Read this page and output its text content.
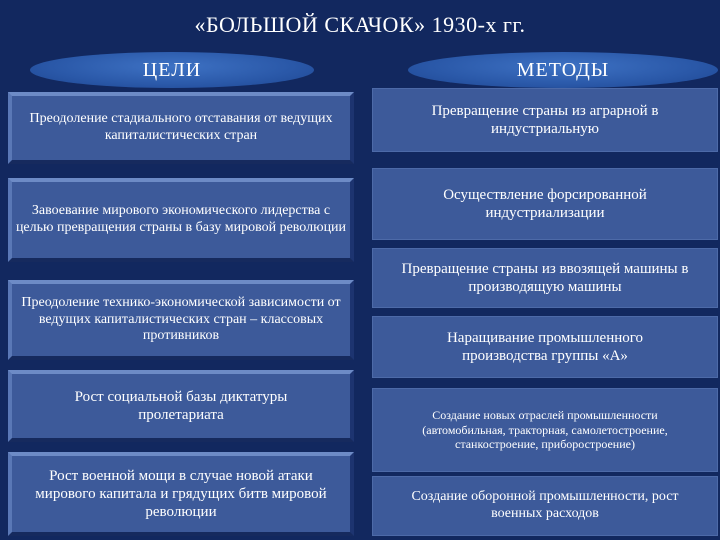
«БОЛЬШОЙ СКАЧОК» 1930-х гг.
ЦЕЛИ	МЕТОДЫ
Преодоление стадиального отставания от ведущих капиталистических стран
Завоевание мирового экономического лидерства с целью превращения страны в базу мировой революции
Преодоление технико-экономической зависимости от ведущих капиталистических стран – классовых противников
Рост социальной базы диктатуры пролетариата
Рост военной мощи в случае новой атаки мирового капитала и грядущих битв мировой революции
Превращение страны из аграрной в индустриальную
Осуществление форсированной индустриализации
Превращение страны из ввозящей машины в производящую машины
Наращивание промышленного производства группы «А»
Создание новых отраслей промышленности (автомобильная, тракторная, самолетостроение, станкостроение, приборостроение)
Создание оборонной промышленности, рост военных расходов
